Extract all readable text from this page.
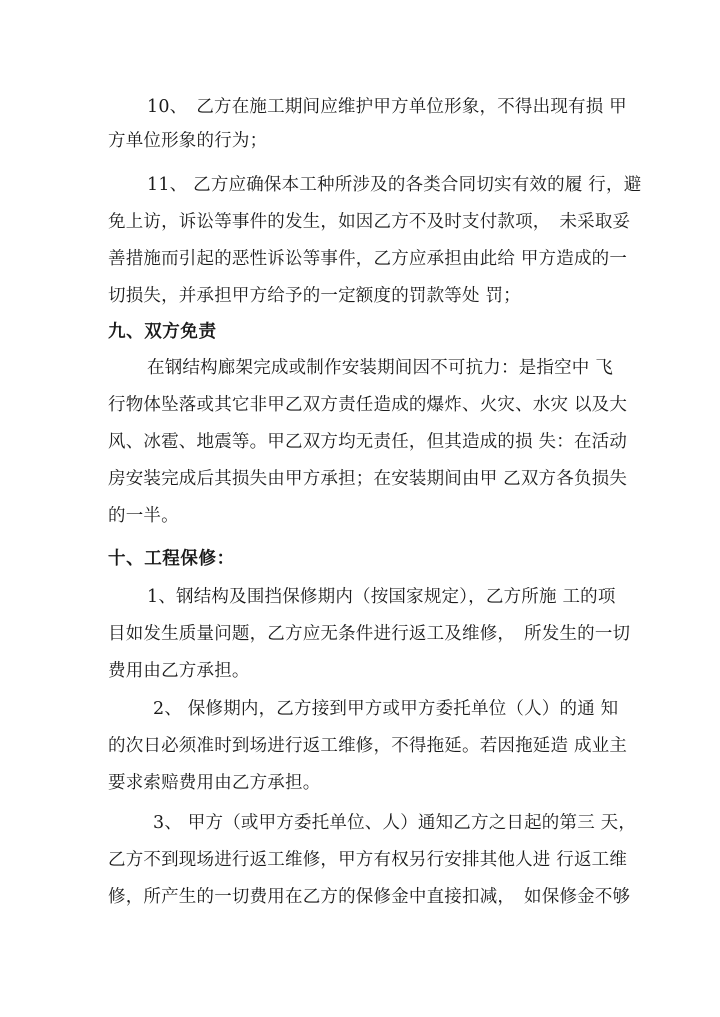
10、　乙方在施工期间应维护甲方单位形象，不得出现有损 甲
方单位形象的行为；
11、 乙方应确保本工种所涉及的各类合同切实有效的履 行，避
免上访，诉讼等事件的发生，如因乙方不及时支付款项，　未采取妥
善措施而引起的恶性诉讼等事件，乙方应承担由此给 甲方造成的一
切损失，并承担甲方给予的一定额度的罚款等处 罚；
九、双方免责
在钢结构廊架完成或制作安装期间因不可抗力：是指空中 飞
行物体坠落或其它非甲乙双方责任造成的爆炸、火灾、水灾 以及大
风、冰雹、地震等。甲乙双方均无责任，但其造成的损 失：在活动
房安装完成后其损失由甲方承担；在安装期间由甲 乙双方各负损失
的一半。
十、工程保修：
1、钢结构及围挡保修期内（按国家规定），乙方所施 工的项
目如发生质量问题，乙方应无条件进行返工及维修，　所发生的一切
费用由乙方承担。
2、 保修期内，乙方接到甲方或甲方委托单位（人）的通 知
的次日必须准时到场进行返工维修，不得拖延。若因拖延造 成业主
要求索赔费用由乙方承担。
3、 甲方（或甲方委托单位、人）通知乙方之日起的第三 天，
乙方不到现场进行返工维修，甲方有权另行安排其他人进 行返工维
修，所产生的一切费用在乙方的保修金中直接扣减，　如保修金不够
